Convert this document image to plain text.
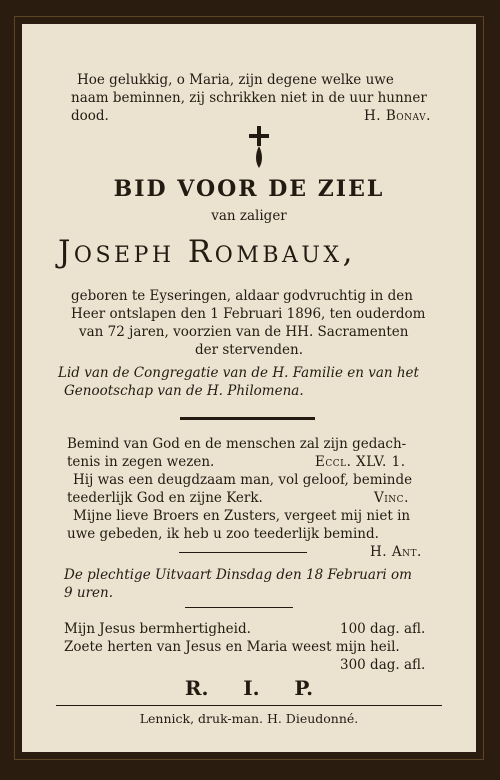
Hoe gelukkig, o Maria, zijn degene welke uwe
naam beminnen, zij schrikken niet in de uur hunner
dood.	H. Bonav.
BID VOOR DE ZIEL
van zaliger
Joseph Rombaux,
geboren te Eyseringen, aldaar godvruchtig in den
Heer ontslapen den 1 Februari 1896, ten ouderdom
van 72 jaren, voorzien van de HH. Sacramenten
der stervenden.
Lid van de Congregatie van de H. Familie en van het
Genootschap van de H. Philomena.
Bemind van God en de menschen zal zijn gedach-
tenis in zegen wezen.	Eccl. XLV. 1.
Hij was een deugdzaam man, vol geloof, beminde
teederlijk God en zijne Kerk.	Vinc.
Mijne lieve Broers en Zusters, vergeet mij niet in
uwe gebeden, ik heb u zoo teederlijk bemind.
H. Ant.
De plechtige Uitvaart Dinsdag den 18 Februari om
9 uren.
Mijn Jesus bermhertigheid.	100 dag. afl.
Zoete herten van Jesus en Maria weest mijn heil.
300 dag. afl.
R.     I.     P.
Lennick, druk-man. H. Dieudonné.
